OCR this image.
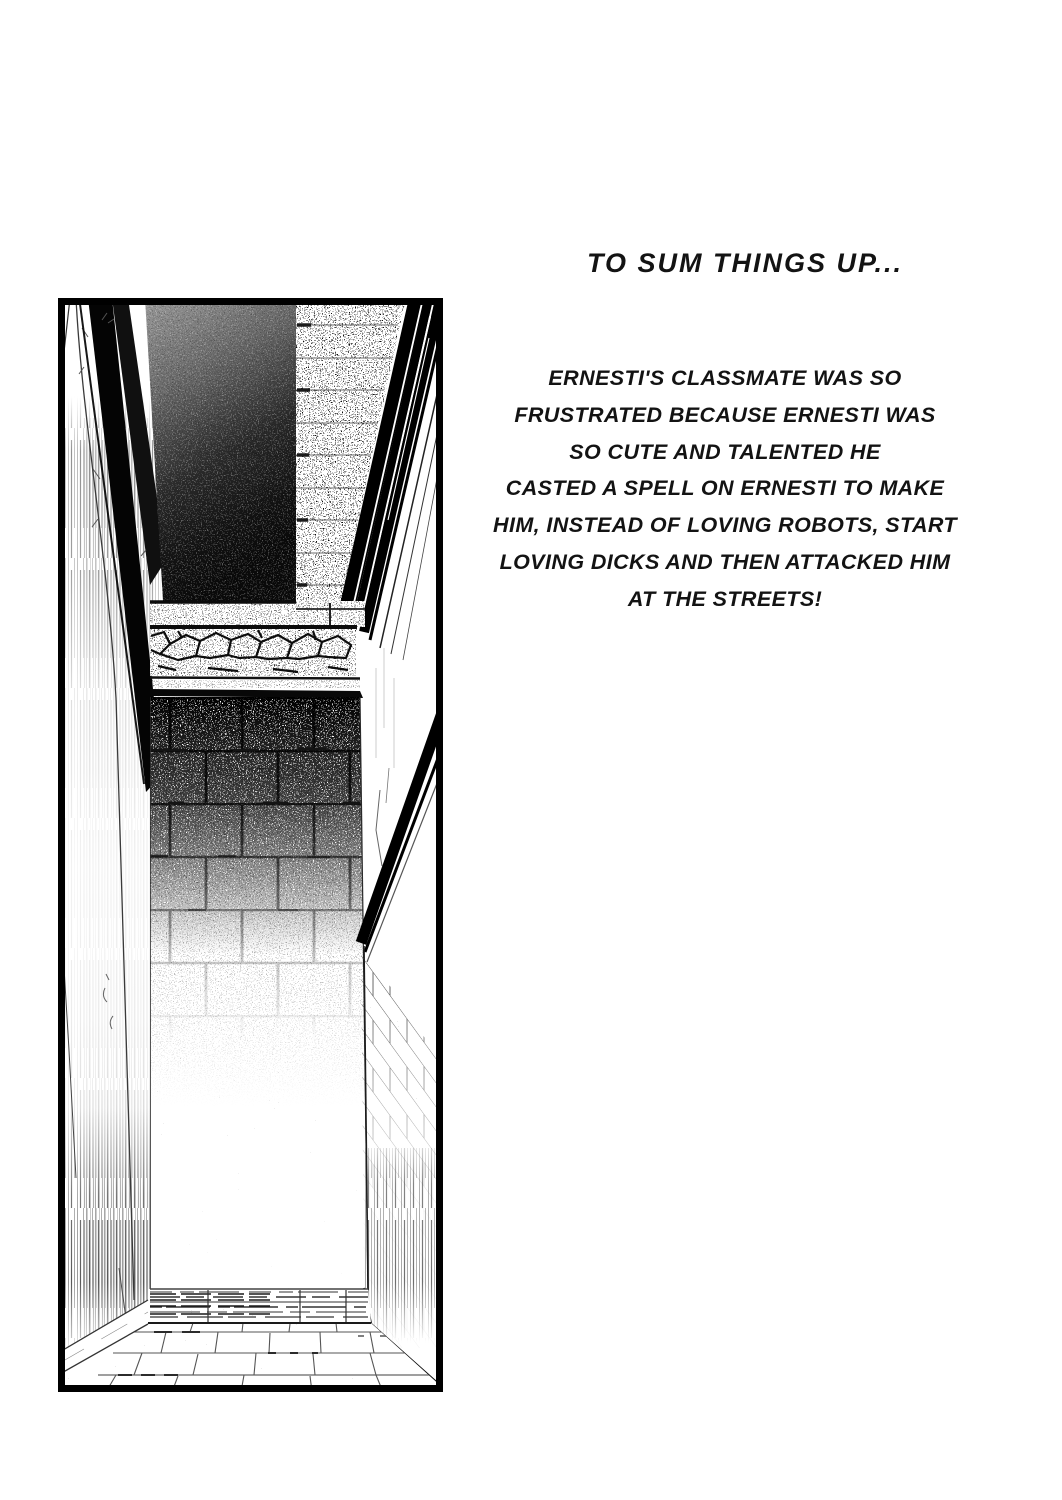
TO SUM THINGS UP...
ERNESTI'S CLASSMATE WAS SO
FRUSTRATED BECAUSE ERNESTI WAS
SO CUTE AND TALENTED HE
CASTED A SPELL ON ERNESTI TO MAKE
HIM, INSTEAD OF LOVING ROBOTS, START
LOVING DICKS AND THEN ATTACKED HIM
AT THE STREETS!
